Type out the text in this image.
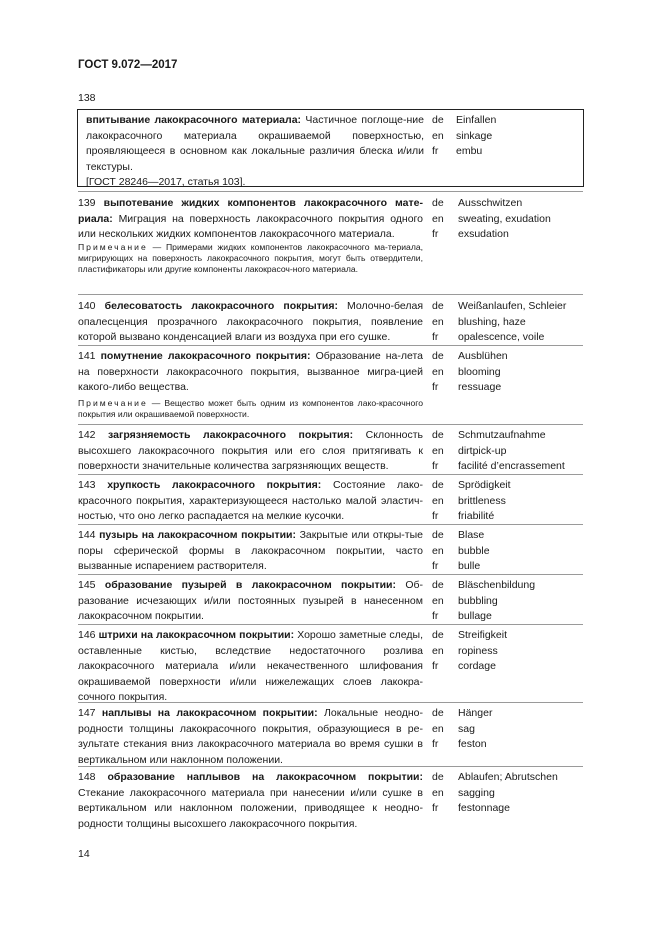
ГОСТ 9.072—2017
138
впитывание лакокрасочного материала: Частичное поглоще-ние лакокрасочного материала окрашиваемой поверхностью, проявляющееся в основном как локальные различия блеска и/или текстуры.
[ГОСТ 28246—2017, статья 103].
de
en
fr
Einfallen
sinkage
embu
139 выпотевание жидких компонентов лакокрасочного мате-риала: Миграция на поверхность лакокрасочного покрытия одного или нескольких жидких компонентов лакокрасочного материала.
Примечание — Примерами жидких компонентов лакокрасочного ма-териала, мигрирующих на поверхность лакокрасочного покрытия, могут быть отвердители, пластификаторы или другие компоненты лакокрасоч-ного материала.
de
en
fr
Ausschwitzen
sweating, exudation
exsudation
140 белесоватость лакокрасочного покрытия: Молочно-белая опалесценция прозрачного лакокрасочного покрытия, появление которой вызвано конденсацией влаги из воздуха при его сушке.
de
en
fr
Weißanlaufen, Schleier
blushing, haze
opalescence, voile
141 помутнение лакокрасочного покрытия: Образование на-лета на поверхности лакокрасочного покрытия, вызванное мигра-цией какого-либо вещества.
Примечание — Вещество может быть одним из компонентов лако-красочного покрытия или окрашиваемой поверхности.
de
en
fr
Ausblühen
blooming
ressuage
142 загрязняемость лакокрасочного покрытия: Склонность высохшего лакокрасочного покрытия или его слоя притягивать к поверхности значительные количества загрязняющих веществ.
de
en
fr
Schmutzaufnahme
dirtpick-up
facilité d’encrassement
143 хрупкость лакокрасочного покрытия: Состояние лако-красочного покрытия, характеризующееся настолько малой эластич-ностью, что оно легко распадается на мелкие кусочки.
de
en
fr
Sprödigkeit
brittleness
friabilité
144 пузырь на лакокрасочном покрытии: Закрытые или откры-тые поры сферической формы в лакокрасочном покрытии, часто вызванные испарением растворителя.
de
en
fr
Blase
bubble
bulle
145 образование пузырей в лакокрасочном покрытии: Об-разование исчезающих и/или постоянных пузырей в нанесенном лакокрасочном покрытии.
de
en
fr
Bläschenbildung
bubbling
bullage
146 штрихи на лакокрасочном покрытии: Хорошо заметные следы, оставленные кистью, вследствие недостаточного розлива лакокрасочного материала и/или некачественного шлифования окрашиваемой поверхности и/или нижележащих слоев лакокра-сочного покрытия.
de
en
fr
Streifigkeit
ropiness
cordage
147 наплывы на лакокрасочном покрытии: Локальные неодно-родности толщины лакокрасочного покрытия, образующиеся в ре-зультате стекания вниз лакокрасочного материала во время сушки в вертикальном или наклонном положении.
de
en
fr
Hänger
sag
feston
148 образование наплывов на лакокрасочном покрытии: Стекание лакокрасочного материала при нанесении и/или сушке в вертикальном или наклонном положении, приводящее к неодно-родности толщины высохшего лакокрасочного покрытия.
de
en
fr
Ablaufen; Abrutschen
sagging
festonnage
14
